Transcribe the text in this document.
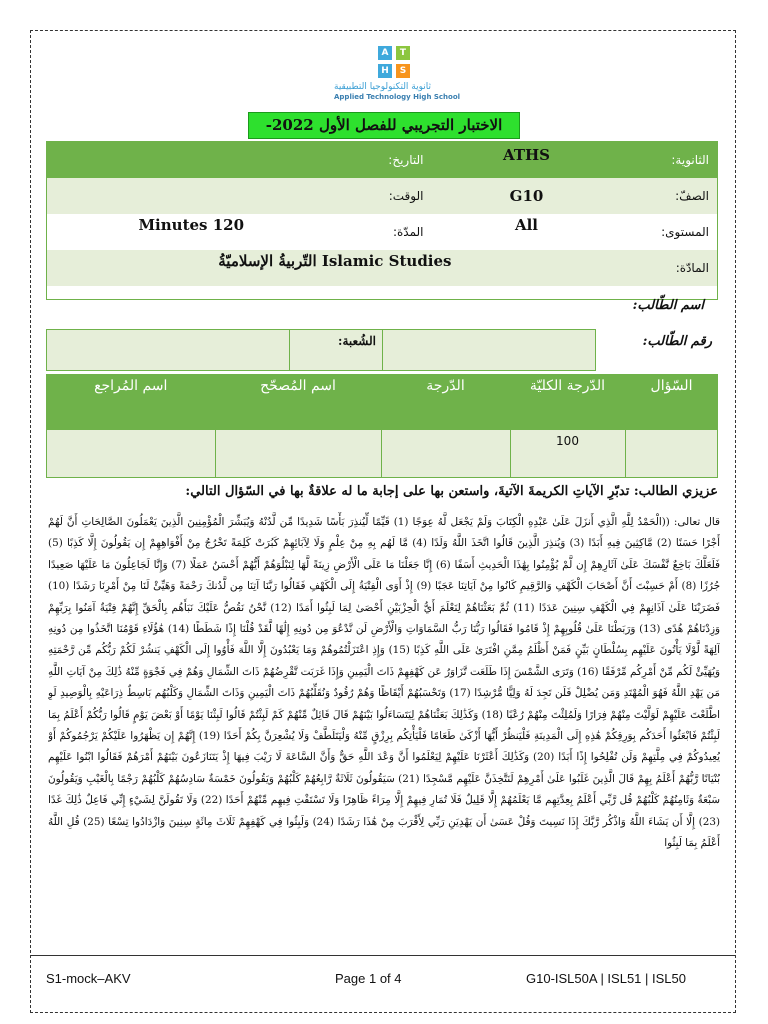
A	T
H	S
ثانوية التكنولوجيا التطبيقية
Applied Technology High School
الاختبار التجريبي للفصل الأول 2022-
الثانوية:	ATHS	التاريخ:	
الصفّ:	G10	الوقت:	
المستوى:	All	المدّة:	120 Minutes
المادّة:	Islamic Studies التّربيةُ الإسلاميّةُ		

اسم الطّالب:
رقم الطّالب:		الشُعبة:	
السّؤال	الدّرجة الكليّة	الدّرجة	اسم المُصحّح	اسم المُراجع
	100			
عزيزي الطالب: تدبّرِ الآياتِ الكريمةَ الآتيةَ، واستعن بها على إجابة ما له علاقةٌ بها في السّؤال التالي:
قال تعالى: ((الْحَمْدُ لِلَّهِ الَّذِي أَنزَلَ عَلَىٰ عَبْدِهِ الْكِتَابَ وَلَمْ يَجْعَل لَّهُ عِوَجًا (1) قَيِّمًا لِّيُنذِرَ بَأْسًا شَدِيدًا مِّن لَّدُنْهُ وَيُبَشِّرَ الْمُؤْمِنِينَ الَّذِينَ يَعْمَلُونَ الصَّالِحَاتِ أَنَّ لَهُمْ أَجْرًا حَسَنًا (2) مَّاكِثِينَ فِيهِ أَبَدًا (3) وَيُنذِرَ الَّذِينَ قَالُوا اتَّخَذَ اللَّهُ وَلَدًا (4) مَّا لَهُم بِهِ مِنْ عِلْمٍ وَلَا لِآبَائِهِمْ كَبُرَتْ كَلِمَةً تَخْرُجُ مِنْ أَفْوَاهِهِمْ إِن يَقُولُونَ إِلَّا كَذِبًا (5) فَلَعَلَّكَ بَاخِعٌ نَّفْسَكَ عَلَىٰ آثَارِهِمْ إِن لَّمْ يُؤْمِنُوا بِهَٰذَا الْحَدِيثِ أَسَفًا (6) إِنَّا جَعَلْنَا مَا عَلَى الْأَرْضِ زِينَةً لَّهَا لِنَبْلُوَهُمْ أَيُّهُمْ أَحْسَنُ عَمَلًا (7) وَإِنَّا لَجَاعِلُونَ مَا عَلَيْهَا صَعِيدًا جُرُزًا (8) أَمْ حَسِبْتَ أَنَّ أَصْحَابَ الْكَهْفِ وَالرَّقِيمِ كَانُوا مِنْ آيَاتِنَا عَجَبًا (9) إِذْ أَوَى الْفِتْيَةُ إِلَى الْكَهْفِ فَقَالُوا رَبَّنَا آتِنَا مِن لَّدُنكَ رَحْمَةً وَهَيِّئْ لَنَا مِنْ أَمْرِنَا رَشَدًا (10) فَضَرَبْنَا عَلَىٰ آذَانِهِمْ فِي الْكَهْفِ سِنِينَ عَدَدًا (11) ثُمَّ بَعَثْنَاهُمْ لِنَعْلَمَ أَيُّ الْحِزْبَيْنِ أَحْصَىٰ لِمَا لَبِثُوا أَمَدًا (12) نَّحْنُ نَقُصُّ عَلَيْكَ نَبَأَهُم بِالْحَقِّ إِنَّهُمْ فِتْيَةٌ آمَنُوا بِرَبِّهِمْ وَزِدْنَاهُمْ هُدًى (13) وَرَبَطْنَا عَلَىٰ قُلُوبِهِمْ إِذْ قَامُوا فَقَالُوا رَبُّنَا رَبُّ السَّمَاوَاتِ وَالْأَرْضِ لَن نَّدْعُوَ مِن دُونِهِ إِلَٰهًا لَّقَدْ قُلْنَا إِذًا شَطَطًا (14) هَٰؤُلَاءِ قَوْمُنَا اتَّخَذُوا مِن دُونِهِ آلِهَةً لَّوْلَا يَأْتُونَ عَلَيْهِم بِسُلْطَانٍ بَيِّنٍ فَمَنْ أَظْلَمُ مِمَّنِ افْتَرَىٰ عَلَى اللَّهِ كَذِبًا (15) وَإِذِ اعْتَزَلْتُمُوهُمْ وَمَا يَعْبُدُونَ إِلَّا اللَّهَ فَأْوُوا إِلَى الْكَهْفِ يَنشُرْ لَكُمْ رَبُّكُم مِّن رَّحْمَتِهِ وَيُهَيِّئْ لَكُم مِّنْ أَمْرِكُم مِّرْفَقًا (16) وَتَرَى الشَّمْسَ إِذَا طَلَعَت تَّزَاوَرُ عَن كَهْفِهِمْ ذَاتَ الْيَمِينِ وَإِذَا غَرَبَت تَّقْرِضُهُمْ ذَاتَ الشِّمَالِ وَهُمْ فِي فَجْوَةٍ مِّنْهُ ذَٰلِكَ مِنْ آيَاتِ اللَّهِ مَن يَهْدِ اللَّهُ فَهُوَ الْمُهْتَدِ وَمَن يُضْلِلْ فَلَن تَجِدَ لَهُ وَلِيًّا مُّرْشِدًا (17) وَتَحْسَبُهُمْ أَيْقَاظًا وَهُمْ رُقُودٌ وَنُقَلِّبُهُمْ ذَاتَ الْيَمِينِ وَذَاتَ الشِّمَالِ وَكَلْبُهُم بَاسِطٌ ذِرَاعَيْهِ بِالْوَصِيدِ لَوِ اطَّلَعْتَ عَلَيْهِمْ لَوَلَّيْتَ مِنْهُمْ فِرَارًا وَلَمُلِئْتَ مِنْهُمْ رُعْبًا (18) وَكَذَٰلِكَ بَعَثْنَاهُمْ لِيَتَسَاءَلُوا بَيْنَهُمْ قَالَ قَائِلٌ مِّنْهُمْ كَمْ لَبِثْتُمْ قَالُوا لَبِثْنَا يَوْمًا أَوْ بَعْضَ يَوْمٍ قَالُوا رَبُّكُمْ أَعْلَمُ بِمَا لَبِثْتُمْ فَابْعَثُوا أَحَدَكُم بِوَرِقِكُمْ هَٰذِهِ إِلَى الْمَدِينَةِ فَلْيَنظُرْ أَيُّهَا أَزْكَىٰ طَعَامًا فَلْيَأْتِكُم بِرِزْقٍ مِّنْهُ وَلْيَتَلَطَّفْ وَلَا يُشْعِرَنَّ بِكُمْ أَحَدًا (19) إِنَّهُمْ إِن يَظْهَرُوا عَلَيْكُمْ يَرْجُمُوكُمْ أَوْ يُعِيدُوكُمْ فِي مِلَّتِهِمْ وَلَن تُفْلِحُوا إِذًا أَبَدًا (20) وَكَذَٰلِكَ أَعْثَرْنَا عَلَيْهِمْ لِيَعْلَمُوا أَنَّ وَعْدَ اللَّهِ حَقٌّ وَأَنَّ السَّاعَةَ لَا رَيْبَ فِيهَا إِذْ يَتَنَازَعُونَ بَيْنَهُمْ أَمْرَهُمْ فَقَالُوا ابْنُوا عَلَيْهِم بُنْيَانًا رَّبُّهُمْ أَعْلَمُ بِهِمْ قَالَ الَّذِينَ غَلَبُوا عَلَىٰ أَمْرِهِمْ لَنَتَّخِذَنَّ عَلَيْهِم مَّسْجِدًا (21) سَيَقُولُونَ ثَلَاثَةٌ رَّابِعُهُمْ كَلْبُهُمْ وَيَقُولُونَ خَمْسَةٌ سَادِسُهُمْ كَلْبُهُمْ رَجْمًا بِالْغَيْبِ وَيَقُولُونَ سَبْعَةٌ وَثَامِنُهُمْ كَلْبُهُمْ قُل رَّبِّي أَعْلَمُ بِعِدَّتِهِم مَّا يَعْلَمُهُمْ إِلَّا قَلِيلٌ فَلَا تُمَارِ فِيهِمْ إِلَّا مِرَاءً ظَاهِرًا وَلَا تَسْتَفْتِ فِيهِم مِّنْهُمْ أَحَدًا (22) وَلَا تَقُولَنَّ لِشَيْءٍ إِنِّي فَاعِلٌ ذَٰلِكَ غَدًا (23) إِلَّا أَن يَشَاءَ اللَّهُ وَاذْكُر رَّبَّكَ إِذَا نَسِيتَ وَقُلْ عَسَىٰ أَن يَهْدِيَنِ رَبِّي لِأَقْرَبَ مِنْ هَٰذَا رَشَدًا (24) وَلَبِثُوا فِي كَهْفِهِمْ ثَلَاثَ مِائَةٍ سِنِينَ وَازْدَادُوا تِسْعًا (25) قُلِ اللَّهُ أَعْلَمُ بِمَا لَبِثُوا
S1-mock–AKV	Page 1 of 4	G10-ISL50A | ISL51 | ISL50
